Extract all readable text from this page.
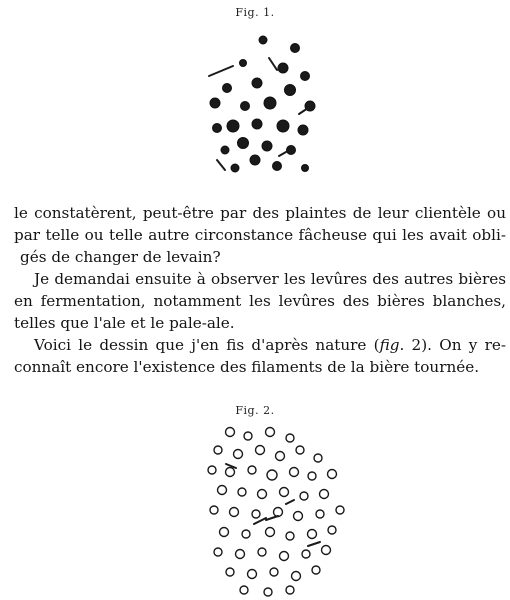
Fig. 1.

le constatèrent, peut-être par des plaintes de leur clientèle ou

par telle ou telle autre circonstance fâcheuse qui les avait obli-

gés de changer de levain?

Je demandai ensuite à observer les levûres des autres bières

en fermentation, notamment les levûres des bières blanches,

telles que l'ale et le pale-ale.

Voici le dessin que j'en fis d'après nature (fig. 2). On y re-

connaît encore l'existence des filaments de la bière tournée.

Fig. 2.
